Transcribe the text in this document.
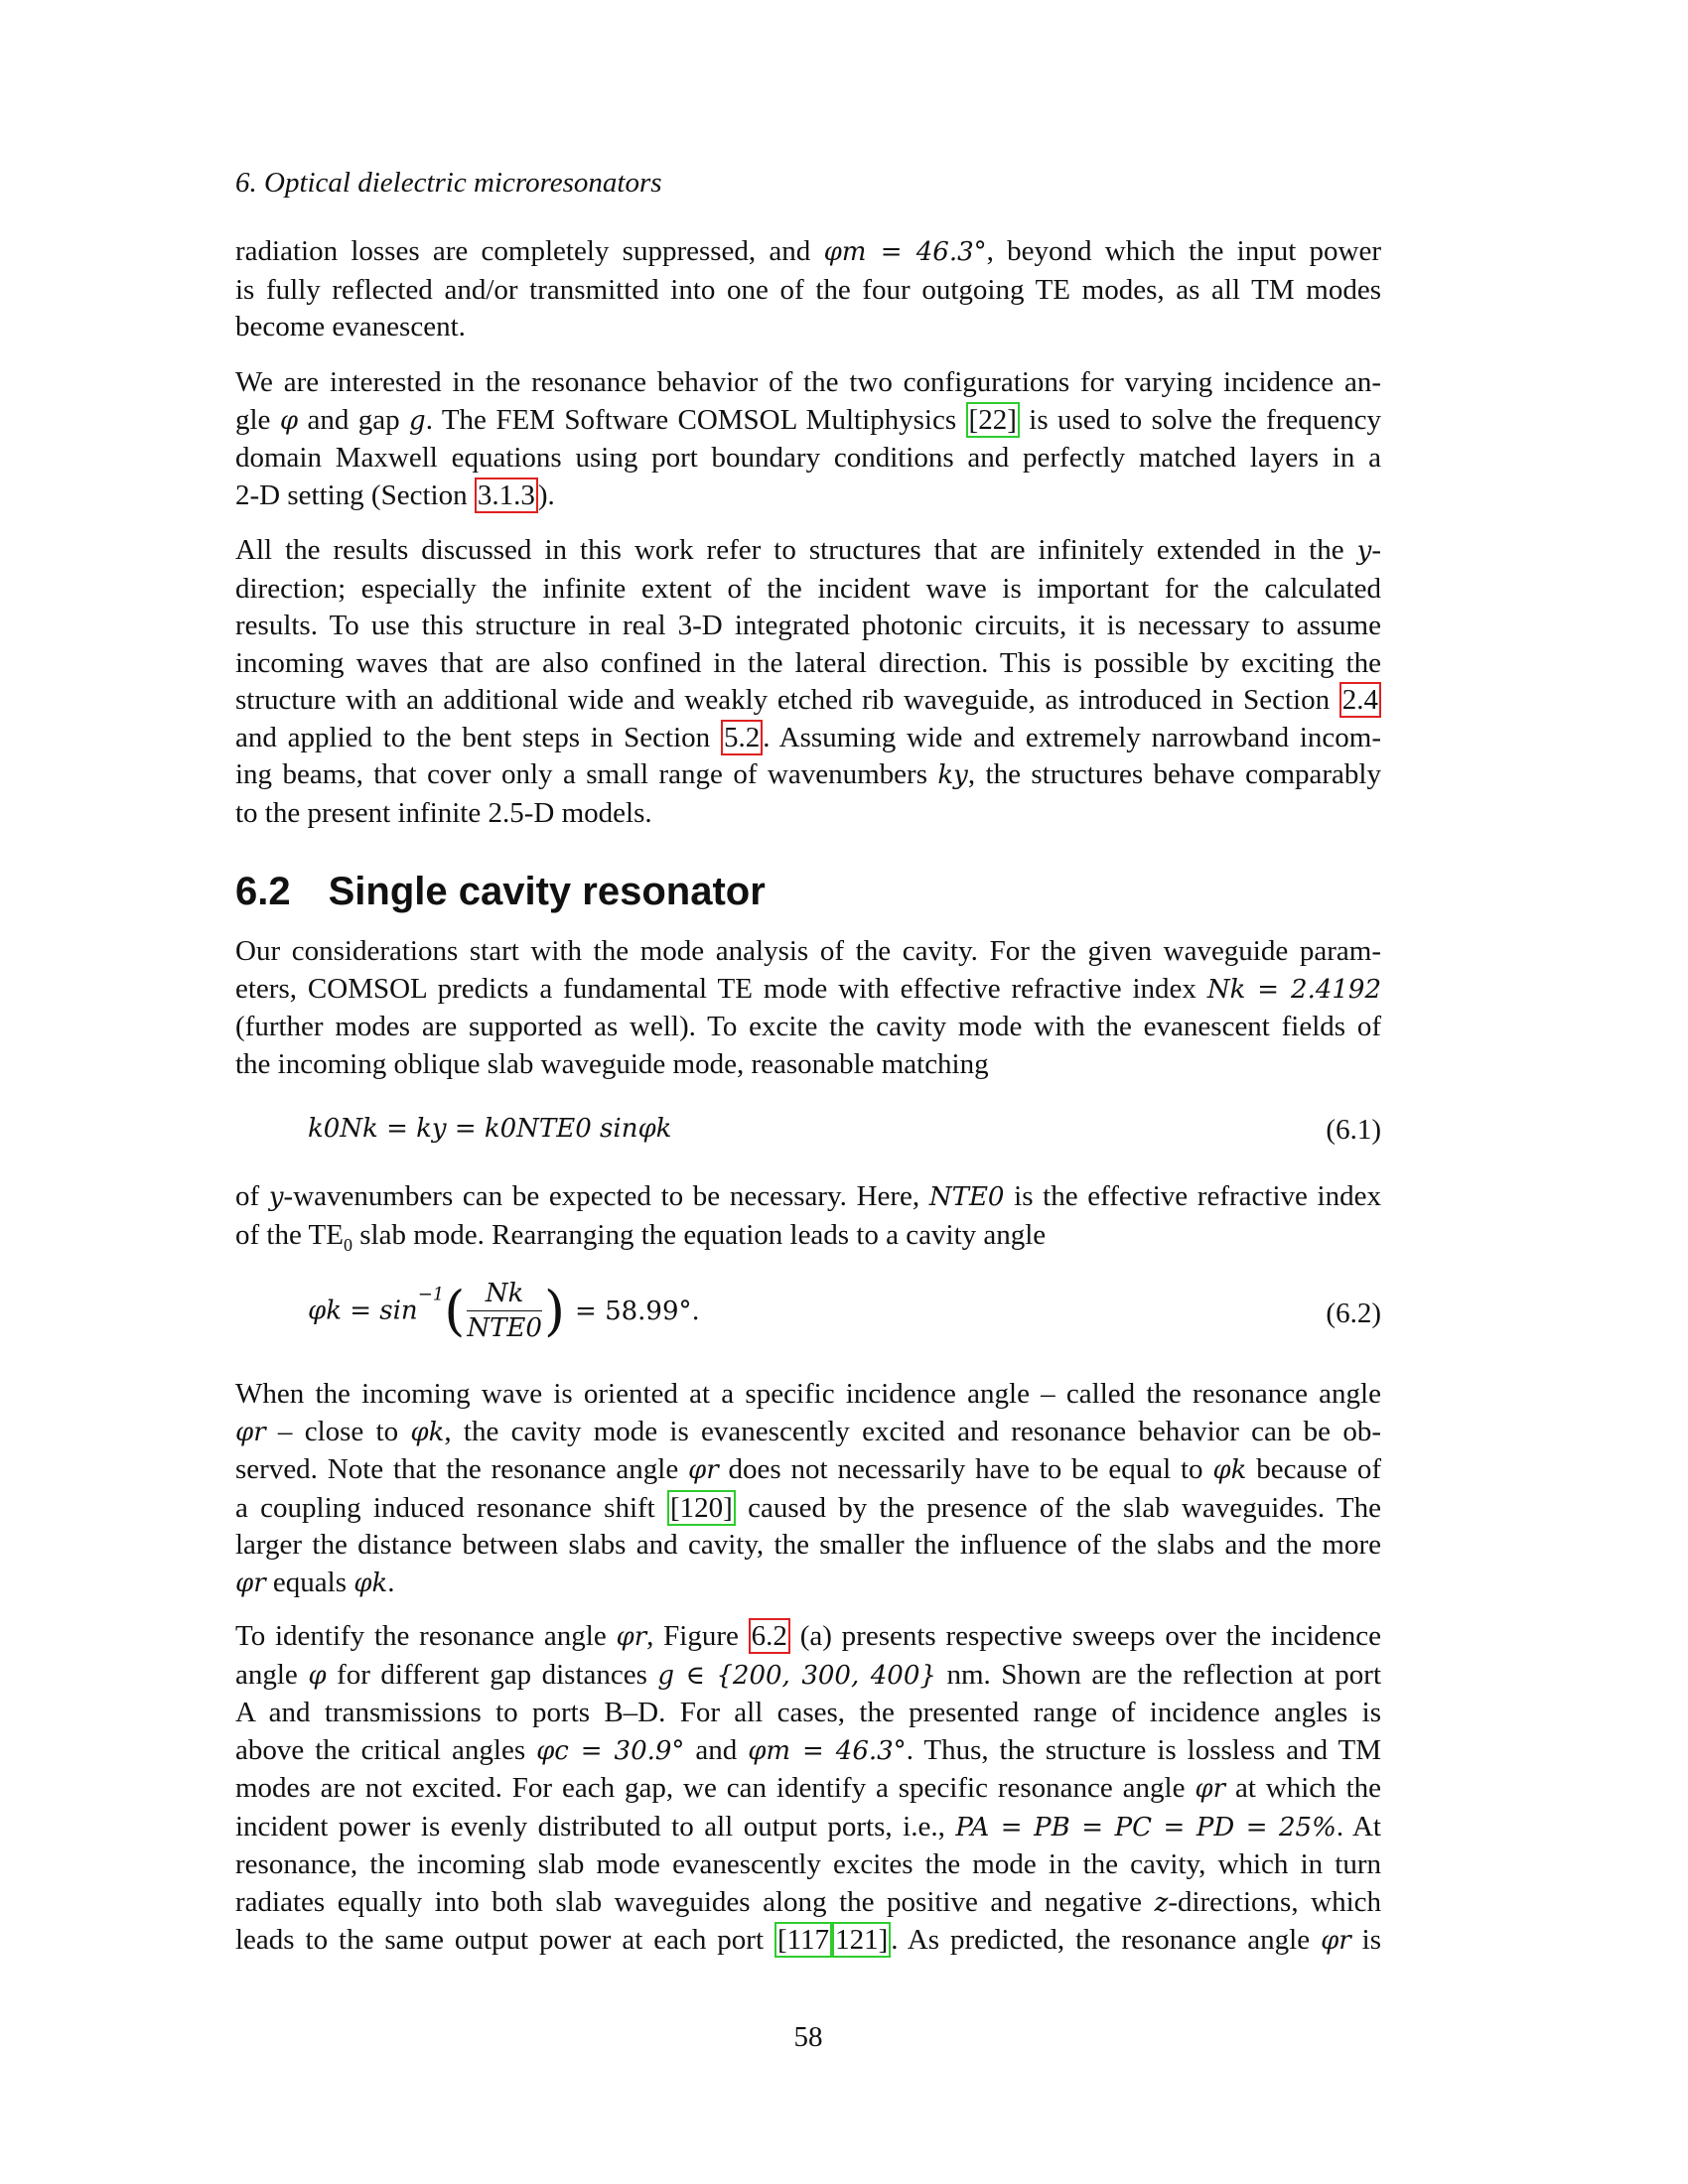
6. Optical dielectric microresonators
radiation losses are completely suppressed, and φm = 46.3°, beyond which the input power
is fully reflected and/or transmitted into one of the four outgoing TE modes, as all TM modes
become evanescent.
We are interested in the resonance behavior of the two configurations for varying incidence an-
gle φ and gap g. The FEM Software COMSOL Multiphysics [22] is used to solve the frequency
domain Maxwell equations using port boundary conditions and perfectly matched layers in a
2-D setting (Section 3.1.3 ).
All the results discussed in this work refer to structures that are infinitely extended in the y-
direction; especially the infinite extent of the incident wave is important for the calculated
results. To use this structure in real 3-D integrated photonic circuits, it is necessary to assume
incoming waves that are also confined in the lateral direction. This is possible by exciting the
structure with an additional wide and weakly etched rib waveguide, as introduced in Section 2.4
and applied to the bent steps in Section 5.2 . Assuming wide and extremely narrowband incom-
ing beams, that cover only a small range of wavenumbers ky, the structures behave comparably
to the present infinite 2.5-D models.
6.2 Single cavity resonator
Our considerations start with the mode analysis of the cavity. For the given waveguide param-
eters, COMSOL predicts a fundamental TE mode with effective refractive index Nk = 2.4192
(further modes are supported as well). To excite the cavity mode with the evanescent fields of
the incoming oblique slab waveguide mode, reasonable matching
k0Nk = ky = k0NTE0 sinφk	(6.1)
of y-wavenumbers can be expected to be necessary. Here, NTE0 is the effective refractive index
of the $TE_0$ slab mode. Rearranging the equation leads to a cavity angle
$\varphi k = \sin^{-1}( \frac{Nk}{\text{NTE0}}$ ) = 58.99°.	(6.2)
When the incoming wave is oriented at a specific incidence angle – called the resonance angle
φr – close to φk, the cavity mode is evanescently excited and resonance behavior can be ob-
served. Note that the resonance angle φr does not necessarily have to be equal to φk because of
a coupling induced resonance shift [120] caused by the presence of the slab waveguides. The
larger the distance between slabs and cavity, the smaller the influence of the slabs and the more
φr equals φk.
To identify the resonance angle φr, Figure 6.2 (a) presents respective sweeps over the incidence
angle φ for different gap distances g ∈ {200, 300, 400} nm. Shown are the reflection at port
A and transmissions to ports B–D. For all cases, the presented range of incidence angles is
above the critical angles φc = 30.9° and φm = 46.3°. Thus, the structure is lossless and TM
modes are not excited. For each gap, we can identify a specific resonance angle φr at which the
incident power is evenly distributed to all output ports, i.e., PA = PB = PC = PD = 25%. At
resonance, the incoming slab mode evanescently excites the mode in the cavity, which in turn
radiates equally into both slab waveguides along the positive and negative z-directions, which
leads to the same output power at each port [117 121] . As predicted, the resonance angle φr is
58
